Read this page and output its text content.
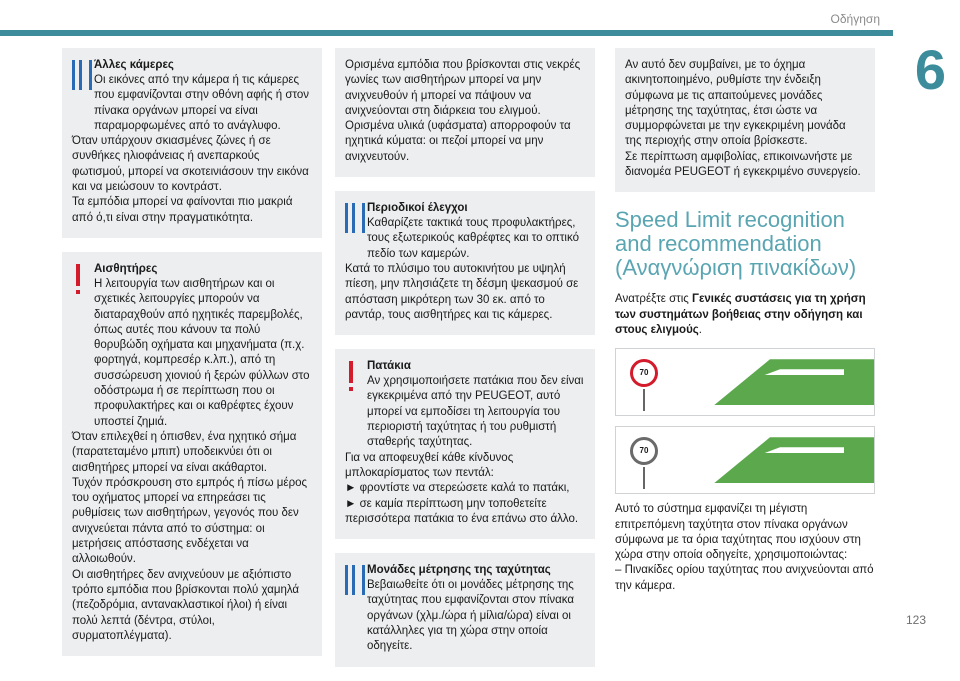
Οδήγηση
6
123
Άλλες κάμερες
Οι εικόνες από την κάμερα ή τις κάμερες που εμφανίζονται στην οθόνη αφής ή στον πίνακα οργάνων μπορεί να είναι παραμορφωμένες από το ανάγλυφο.
Όταν υπάρχουν σκιασμένες ζώνες ή σε συνθήκες ηλιοφάνειας ή ανεπαρκούς φωτισμού, μπορεί να σκοτεινιάσουν την εικόνα και να μειώσουν το κοντράστ.
Τα εμπόδια μπορεί να φαίνονται πιο μακριά από ό,τι είναι στην πραγματικότητα.
Αισθητήρες
Η λειτουργία των αισθητήρων και οι σχετικές λειτουργίες μπορούν να διαταραχθούν από ηχητικές παρεμβολές, όπως αυτές που κάνουν τα πολύ θορυβώδη οχήματα και μηχανήματα (π.χ. φορτηγά, κομπρεσέρ κ.λπ.), από τη συσσώρευση χιονιού ή ξερών φύλλων στο οδόστρωμα ή σε περίπτωση που οι προφυλακτήρες και οι καθρέφτες έχουν υποστεί ζημιά.
Όταν επιλεχθεί η όπισθεν, ένα ηχητικό σήμα (παρατεταμένο μπιπ) υποδεικνύει ότι οι αισθητήρες μπορεί να είναι ακάθαρτοι.
Τυχόν πρόσκρουση στο εμπρός ή πίσω μέρος του οχήματος μπορεί να επηρεάσει τις ρυθμίσεις των αισθητήρων, γεγονός που δεν ανιχνεύεται πάντα από το σύστημα: οι μετρήσεις απόστασης ενδέχεται να αλλοιωθούν.
Οι αισθητήρες δεν ανιχνεύουν με αξιόπιστο τρόπο εμπόδια που βρίσκονται πολύ χαμηλά (πεζοδρόμια, αντανακλαστικοί ήλοι) ή είναι πολύ λεπτά (δέντρα, στύλοι, συρματοπλέγματα).
Ορισμένα εμπόδια που βρίσκονται στις νεκρές γωνίες των αισθητήρων μπορεί να μην ανιχνευθούν ή μπορεί να πάψουν να ανιχνεύονται στη διάρκεια του ελιγμού.
Ορισμένα υλικά (υφάσματα) απορροφούν τα ηχητικά κύματα: οι πεζοί μπορεί να μην ανιχνευτούν.
Περιοδικοί έλεγχοι
Καθαρίζετε τακτικά τους προφυλακτήρες, τους εξωτερικούς καθρέφτες και το οπτικό πεδίο των καμερών.
Κατά το πλύσιμο του αυτοκινήτου με υψηλή πίεση, μην πλησιάζετε τη δέσμη ψεκασμού σε απόσταση μικρότερη των 30 εκ. από το ραντάρ, τους αισθητήρες και τις κάμερες.
Πατάκια
Αν χρησιμοποιήσετε πατάκια που δεν είναι εγκεκριμένα από την PEUGEOT, αυτό μπορεί να εμποδίσει τη λειτουργία του περιοριστή ταχύτητας ή του ρυθμιστή σταθερής ταχύτητας.
Για να αποφευχθεί κάθε κίνδυνος μπλοκαρίσματος των πεντάλ:
► φροντίστε να στερεώσετε καλά το πατάκι,
► σε καμία περίπτωση μην τοποθετείτε περισσότερα πατάκια το ένα επάνω στο άλλο.
Μονάδες μέτρησης της ταχύτητας
Βεβαιωθείτε ότι οι μονάδες μέτρησης της ταχύτητας που εμφανίζονται στον πίνακα οργάνων (χλμ./ώρα ή μίλια/ώρα) είναι οι κατάλληλες για τη χώρα στην οποία οδηγείτε.
Αν αυτό δεν συμβαίνει, με το όχημα ακινητοποιημένο, ρυθμίστε την ένδειξη σύμφωνα με τις απαιτούμενες μονάδες μέτρησης της ταχύτητας, έτσι ώστε να συμμορφώνεται με την εγκεκριμένη μονάδα της περιοχής στην οποία βρίσκεστε.
Σε περίπτωση αμφιβολίας, επικοινωνήστε με διανομέα PEUGEOT ή εγκεκριμένο συνεργείο.
Speed Limit recognition
and recommendation
(Αναγνώριση πινακίδων)
Ανατρέξτε στις Γενικές συστάσεις για τη χρήση των συστημάτων βοήθειας στην οδήγηση και στους ελιγμούς.
70
70
Αυτό το σύστημα εμφανίζει τη μέγιστη επιτρεπόμενη ταχύτητα στον πίνακα οργάνων σύμφωνα με τα όρια ταχύτητας που ισχύουν στη χώρα στην οποία οδηγείτε, χρησιμοποιώντας:
– Πινακίδες ορίου ταχύτητας που ανιχνεύονται από την κάμερα.
